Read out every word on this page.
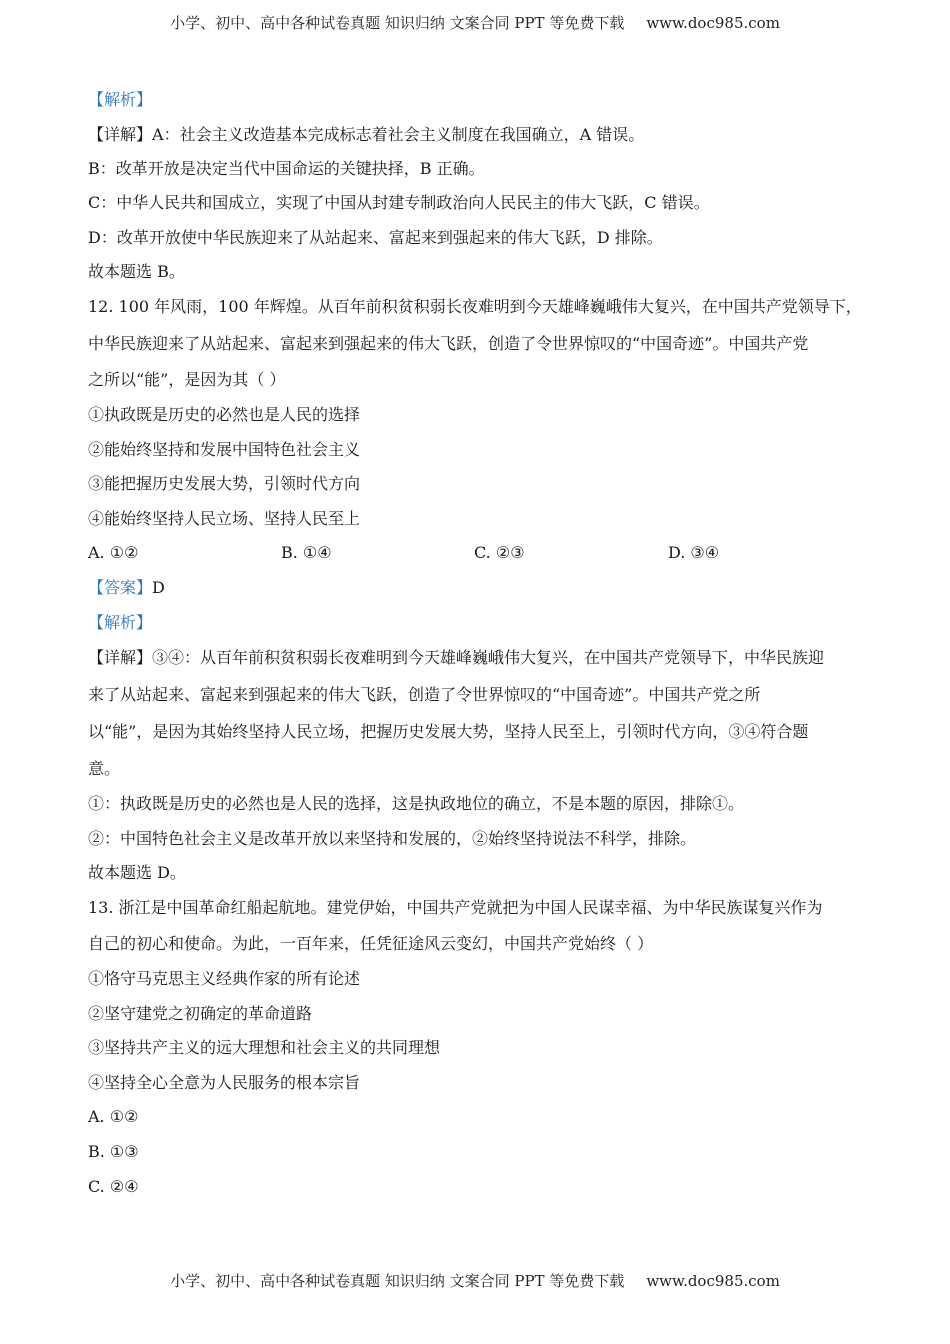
小学、初中、高中各种试卷真题 知识归纳 文案合同 PPT 等免费下载 www.doc985.com
【解析】
【详解】A：社会主义改造基本完成标志着社会主义制度在我国确立，A 错误。
B：改革开放是决定当代中国命运的关键抉择，B 正确。
C：中华人民共和国成立，实现了中国从封建专制政治向人民民主的伟大飞跃，C 错误。
D：改革开放使中华民族迎来了从站起来、富起来到强起来的伟大飞跃，D 排除。
故本题选 B。
12. 100 年风雨，100 年辉煌。从百年前积贫积弱长夜难明到今天雄峰巍峨伟大复兴，在中国共产党领导下，
中华民族迎来了从站起来、富起来到强起来的伟大飞跃，创造了令世界惊叹的“中国奇迹”。中国共产党
之所以“能”，是因为其（ ）
①执政既是历史的必然也是人民的选择
②能始终坚持和发展中国特色社会主义
③能把握历史发展大势，引领时代方向
④能始终坚持人民立场、坚持人民至上
A. ①②	B. ①④	C. ②③	D. ③④
【答案】D
【解析】
【详解】③④：从百年前积贫积弱长夜难明到今天雄峰巍峨伟大复兴，在中国共产党领导下，中华民族迎
来了从站起来、富起来到强起来的伟大飞跃，创造了令世界惊叹的“中国奇迹”。中国共产党之所
以“能”，是因为其始终坚持人民立场，把握历史发展大势，坚持人民至上，引领时代方向，③④符合题
意。
①：执政既是历史的必然也是人民的选择，这是执政地位的确立，不是本题的原因，排除①。
②：中国特色社会主义是改革开放以来坚持和发展的，②始终坚持说法不科学，排除。
故本题选 D。
13. 浙江是中国革命红船起航地。建党伊始，中国共产党就把为中国人民谋幸福、为中华民族谋复兴作为
自己的初心和使命。为此，一百年来，任凭征途风云变幻，中国共产党始终（ ）
①恪守马克思主义经典作家的所有论述
②坚守建党之初确定的革命道路
③坚持共产主义的远大理想和社会主义的共同理想
④坚持全心全意为人民服务的根本宗旨
A. ①②
B. ①③
C. ②④
小学、初中、高中各种试卷真题 知识归纳 文案合同 PPT 等免费下载 www.doc985.com
